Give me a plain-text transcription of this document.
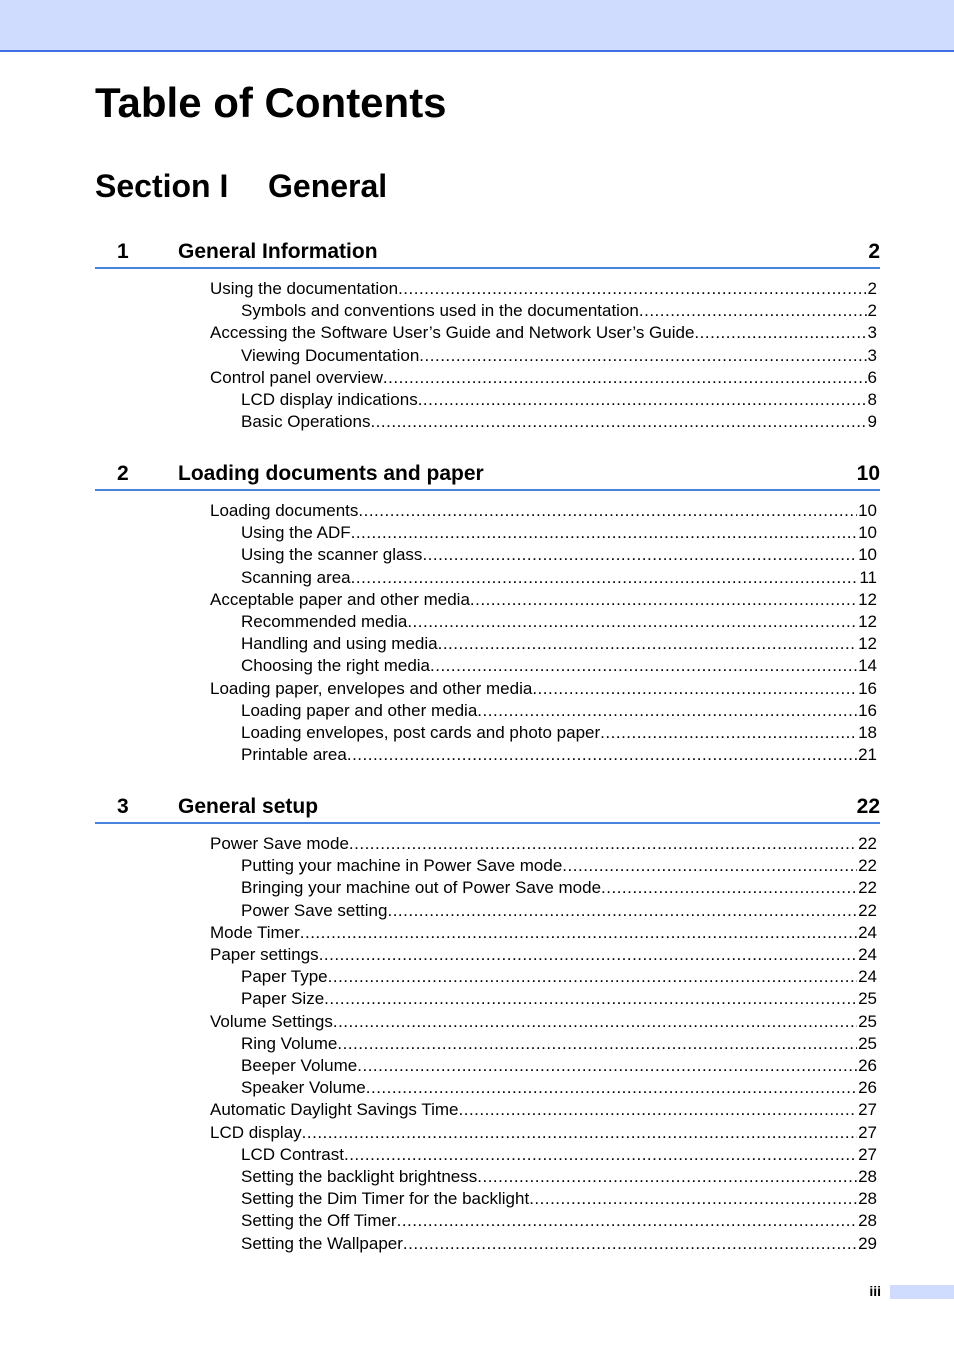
Table of Contents
Section I General
1 General Information	2
Using the documentation .....	2
Symbols and conventions used in the documentation .....	2
Accessing the Software User’s Guide and Network User’s Guide .....	3
Viewing Documentation .....	3
Control panel overview .....	6
LCD display indications .....	8
Basic Operations .....	9
2 Loading documents and paper	10
Loading documents .....	10
Using the ADF .....	10
Using the scanner glass .....	10
Scanning area .....	11
Acceptable paper and other media .....	12
Recommended media .....	12
Handling and using media .....	12
Choosing the right media .....	14
Loading paper, envelopes and other media .....	16
Loading paper and other media .....	16
Loading envelopes, post cards and photo paper .....	18
Printable area .....	21
3 General setup	22
Power Save mode .....	22
Putting your machine in Power Save mode .....	22
Bringing your machine out of Power Save mode .....	22
Power Save setting .....	22
Mode Timer .....	24
Paper settings .....	24
Paper Type .....	24
Paper Size .....	25
Volume Settings .....	25
Ring Volume .....	25
Beeper Volume .....	26
Speaker Volume .....	26
Automatic Daylight Savings Time .....	27
LCD display .....	27
LCD Contrast .....	27
Setting the backlight brightness .....	28
Setting the Dim Timer for the backlight .....	28
Setting the Off Timer .....	28
Setting the Wallpaper .....	29
iii
